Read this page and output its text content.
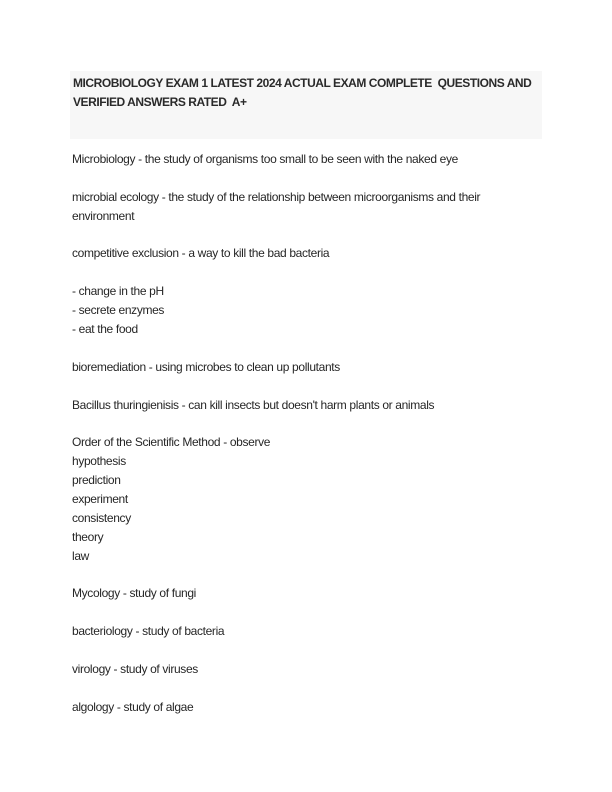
MICROBIOLOGY EXAM 1 LATEST 2024 ACTUAL EXAM COMPLETE  QUESTIONS AND
VERIFIED ANSWERS RATED  A+

Microbiology - the study of organisms too small to be seen with the naked eye
microbial ecology - the study of the relationship between microorganisms and their
environment
competitive exclusion - a way to kill the bad bacteria
- change in the pH
- secrete enzymes
- eat the food
bioremediation - using microbes to clean up pollutants
Bacillus thuringienisis - can kill insects but doesn't harm plants or animals
Order of the Scientific Method - observe
hypothesis
prediction
experiment
consistency
theory
law
Mycology - study of fungi
bacteriology - study of bacteria
virology - study of viruses
algology - study of algae
